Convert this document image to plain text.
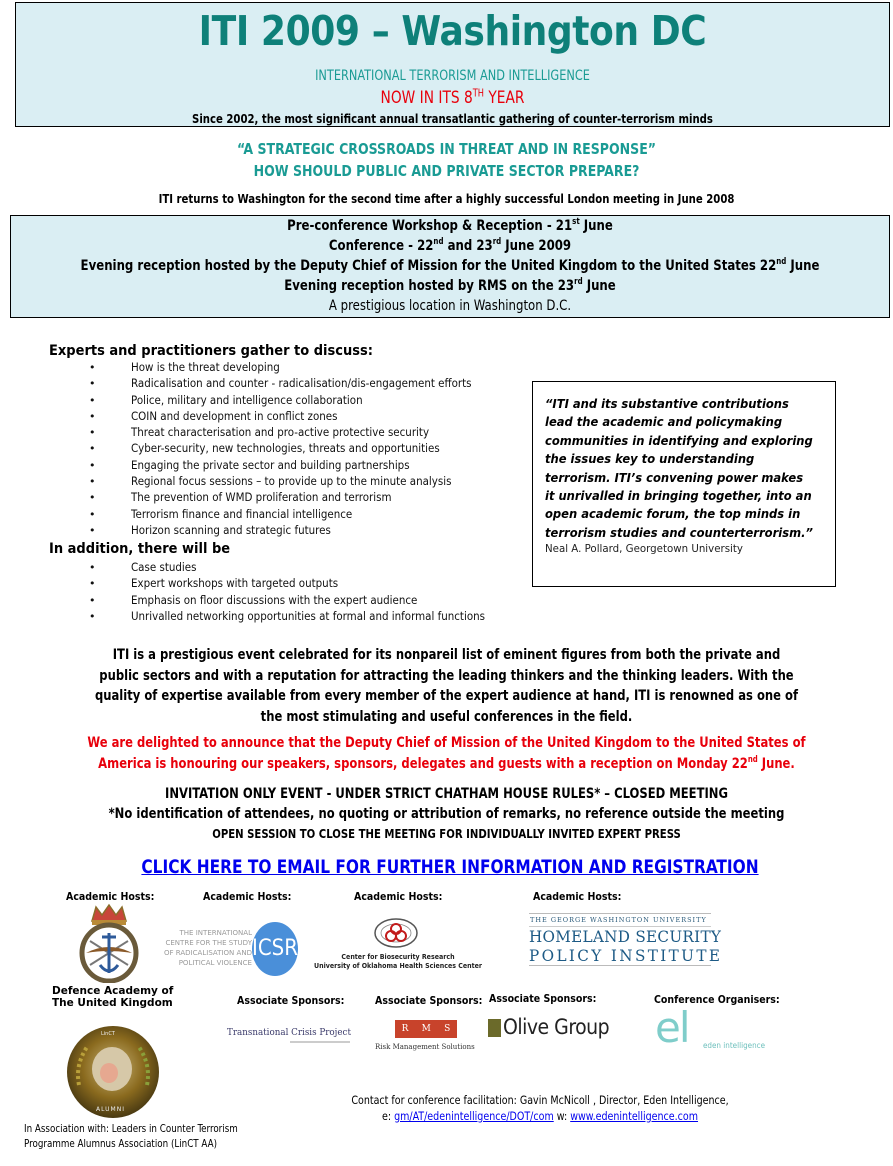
ITI 2009 – Washington DC
INTERNATIONAL TERRORISM AND INTELLIGENCE
NOW IN ITS 8TH YEAR
Since 2002, the most significant annual transatlantic gathering of counter-terrorism minds
“A STRATEGIC CROSSROADS IN THREAT AND IN RESPONSE”
HOW SHOULD PUBLIC AND PRIVATE SECTOR PREPARE?
ITI returns to Washington for the second time after a highly successful London meeting in June 2008
Pre-conference Workshop & Reception - 21st June
Conference - 22nd and 23rd June 2009
Evening reception hosted by the Deputy Chief of Mission for the United Kingdom to the United States 22nd June
Evening reception hosted by RMS on the 23rd June
A prestigious location in Washington D.C.
Experts and practitioners gather to discuss:
•	How is the threat developing
•	Radicalisation and counter - radicalisation/dis-engagement efforts
•	Police, military and intelligence collaboration
•	COIN and development in conflict zones
•	Threat characterisation and pro-active protective security
•	Cyber-security, new technologies, threats and opportunities
•	Engaging the private sector and building partnerships
•	Regional focus sessions – to provide up to the minute analysis
•	The prevention of WMD proliferation and terrorism
•	Terrorism finance and financial intelligence
•	Horizon scanning and strategic futures
In addition, there will be
•	Case studies
•	Expert workshops with targeted outputs
•	Emphasis on floor discussions with the expert audience
•	Unrivalled networking opportunities at formal and informal functions
“ITI and its substantive contributions lead the academic and policymaking communities in identifying and exploring the issues key to understanding terrorism. ITI’s convening power makes it unrivalled in bringing together, into an open academic forum, the top minds in terrorism studies and counterterrorism.”
Neal A. Pollard, Georgetown University
ITI is a prestigious event celebrated for its nonpareil list of eminent figures from both the private and public sectors and with a reputation for attracting the leading thinkers and the thinking leaders. With the quality of expertise available from every member of the expert audience at hand, ITI is renowned as one of the most stimulating and useful conferences in the field.
We are delighted to announce that the Deputy Chief of Mission of the United Kingdom to the United States of America is honouring our speakers, sponsors, delegates and guests with a reception on Monday 22nd June.
INVITATION ONLY EVENT - UNDER STRICT CHATHAM HOUSE RULES* – CLOSED MEETING
*No identification of attendees, no quoting or attribution of remarks, no reference outside the meeting
OPEN SESSION TO CLOSE THE MEETING FOR INDIVIDUALLY INVITED EXPERT PRESS
CLICK HERE TO EMAIL FOR FURTHER INFORMATION AND REGISTRATION
Academic Hosts:	Academic Hosts:	Academic Hosts:	Academic Hosts:
Defence Academy of
The United Kingdom
THE INTERNATIONAL
CENTRE FOR THE STUDY
OF RADICALISATION AND
POLITICAL VIOLENCE
ICSR	Center for Biosecurity Research
University of Oklahoma Health Sciences Center
THE GEORGE WASHINGTON UNIVERSITY
HOMELAND SECURITY
POLICY INSTITUTE
Associate Sponsors:	Associate Sponsors: Associate Sponsors:	Conference Organisers:
Transnational Crisis Project	R M S
Risk Management Solutions
Olive Group el eden intelligence
LinCT
ALUMNI
In Association with: Leaders in Counter Terrorism
Programme Alumnus Association (LinCT AA)
Contact for conference facilitation: Gavin McNicoll , Director, Eden Intelligence,
e: gm/AT/edenintelligence/DOT/com w: www.edenintelligence.com
